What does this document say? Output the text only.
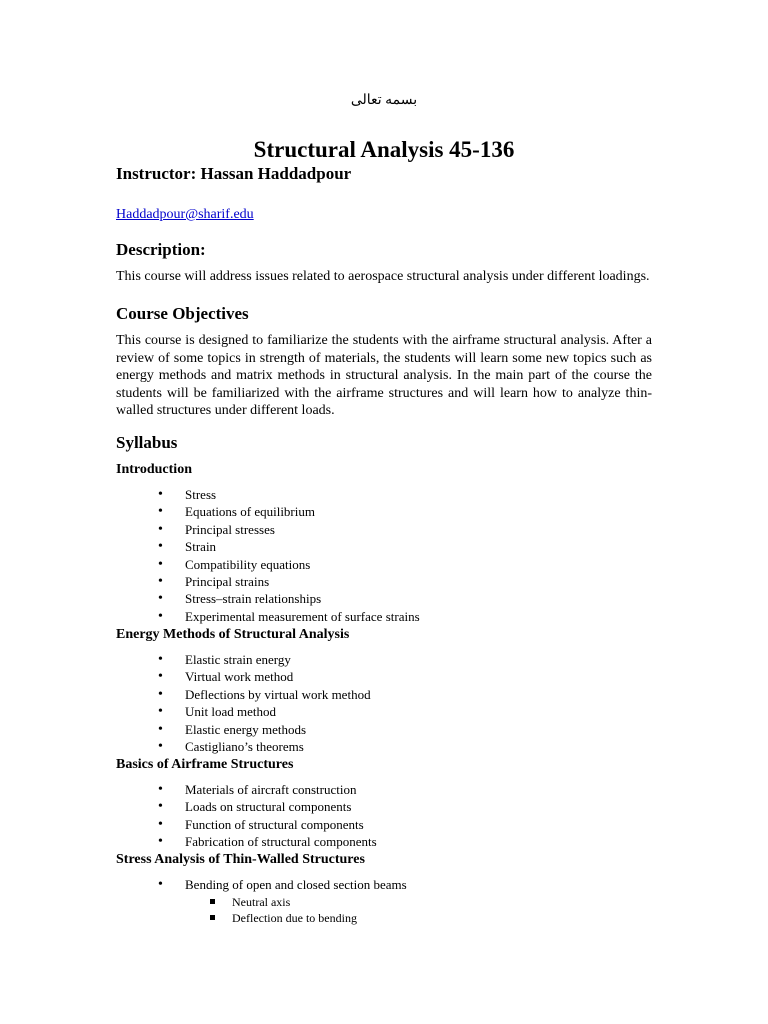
بسمه تعالی
Structural Analysis 45-136
Instructor: Hassan Haddadpour
Haddadpour@sharif.edu
Description:
This course will address issues related to aerospace structural analysis under different loadings.
Course Objectives
This course is designed to familiarize the students with the airframe structural analysis. After a review of some topics in strength of materials, the students will learn some new topics such as energy methods and matrix methods in structural analysis. In the main part of the course the students will be familiarized with the airframe structures and will learn how to analyze thin-walled structures under different loads.
Syllabus
Introduction
• Stress
• Equations of equilibrium
• Principal stresses
• Strain
• Compatibility equations
• Principal strains
• Stress–strain relationships
• Experimental measurement of surface strains
Energy Methods of Structural Analysis
• Elastic strain energy
• Virtual work method
• Deflections by virtual work method
• Unit load method
• Elastic energy methods
• Castigliano’s theorems
Basics of Airframe Structures
• Materials of aircraft construction
• Loads on structural components
• Function of structural components
• Fabrication of structural components
Stress Analysis of Thin-Walled Structures
• Bending of open and closed section beams
Neutral axis
Deflection due to bending
